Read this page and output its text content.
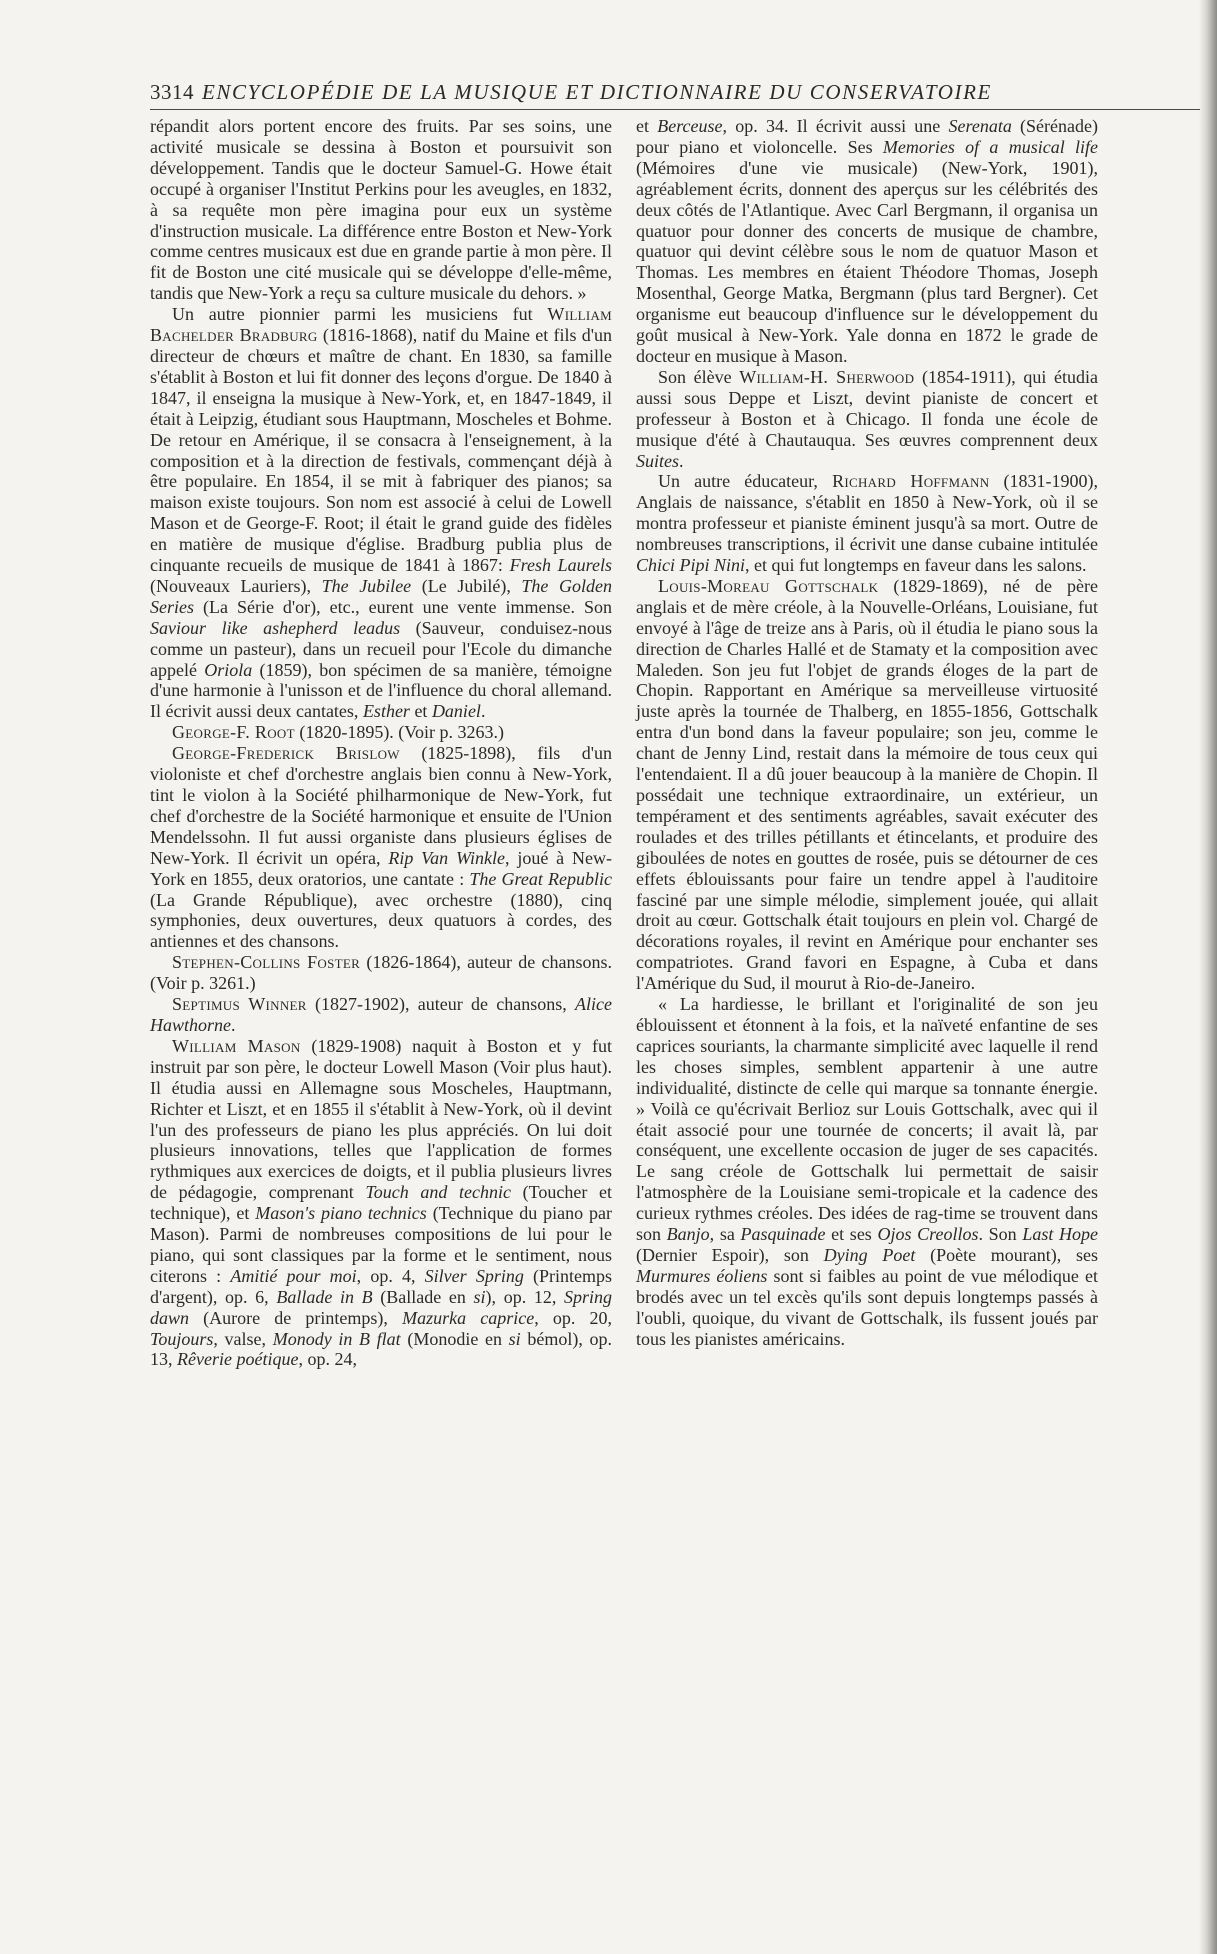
3314 ENCYCLOPÉDIE DE LA MUSIQUE ET DICTIONNAIRE DU CONSERVATOIRE

répandit alors portent encore des fruits. Par ses soins, une activité musicale se dessina à Boston et poursuivit son développement. Tandis que le docteur Samuel-G. Howe était occupé à organiser l'Institut Perkins pour les aveugles, en 1832, à sa requête mon père imagina pour eux un système d'instruction musicale. La différence entre Boston et New-York comme centres musicaux est due en grande partie à mon père. Il fit de Boston une cité musicale qui se développe d'elle-même, tandis que New-York a reçu sa culture musicale du dehors. »

Un autre pionnier parmi les musiciens fut William Bachelder Bradburg (1816-1868), natif du Maine et fils d'un directeur de chœurs et maître de chant. En 1830, sa famille s'établit à Boston et lui fit donner des leçons d'orgue. De 1840 à 1847, il enseigna la musique à New-York, et, en 1847-1849, il était à Leipzig, étudiant sous Hauptmann, Moscheles et Bohme. De retour en Amérique, il se consacra à l'enseignement, à la composition et à la direction de festivals, commençant déjà à être populaire. En 1854, il se mit à fabriquer des pianos; sa maison existe toujours. Son nom est associé à celui de Lowell Mason et de George-F. Root; il était le grand guide des fidèles en matière de musique d'église. Bradburg publia plus de cinquante recueils de musique de 1841 à 1867: Fresh Laurels (Nouveaux Lauriers), The Jubilee (Le Jubilé), The Golden Series (La Série d'or), etc., eurent une vente immense. Son Saviour like ashepherd leadus (Sauveur, conduisez-nous comme un pasteur), dans un recueil pour l'Ecole du dimanche appelé Oriola (1859), bon spécimen de sa manière, témoigne d'une harmonie à l'unisson et de l'influence du choral allemand. Il écrivit aussi deux cantates, Esther et Daniel.

George-F. Root (1820-1895). (Voir p. 3263.)

George-Frederick Brislow (1825-1898), fils d'un violoniste et chef d'orchestre anglais bien connu à New-York, tint le violon à la Société philharmonique de New-York, fut chef d'orchestre de la Société harmonique et ensuite de l'Union Mendelssohn. Il fut aussi organiste dans plusieurs églises de New-York. Il écrivit un opéra, Rip Van Winkle, joué à New-York en 1855, deux oratorios, une cantate : The Great Republic (La Grande République), avec orchestre (1880), cinq symphonies, deux ouvertures, deux quatuors à cordes, des antiennes et des chansons.

Stephen-Collins Foster (1826-1864), auteur de chansons. (Voir p. 3261.)

Septimus Winner (1827-1902), auteur de chansons, Alice Hawthorne.

William Mason (1829-1908) naquit à Boston et y fut instruit par son père, le docteur Lowell Mason (Voir plus haut). Il étudia aussi en Allemagne sous Moscheles, Hauptmann, Richter et Liszt, et en 1855 il s'établit à New-York, où il devint l'un des professeurs de piano les plus appréciés. On lui doit plusieurs innovations, telles que l'application de formes rythmiques aux exercices de doigts, et il publia plusieurs livres de pédagogie, comprenant Touch and technic (Toucher et technique), et Mason's piano technics (Technique du piano par Mason). Parmi de nombreuses compositions de lui pour le piano, qui sont classiques par la forme et le sentiment, nous citerons : Amitié pour moi, op. 4, Silver Spring (Printemps d'argent), op. 6, Ballade in B (Ballade en si), op. 12, Spring dawn (Aurore de printemps), Mazurka caprice, op. 20, Toujours, valse, Monody in B flat (Monodie en si bémol), op. 13, Rêverie poétique, op. 24,

et Berceuse, op. 34. Il écrivit aussi une Serenata (Sérénade) pour piano et violoncelle. Ses Memories of a musical life (Mémoires d'une vie musicale) (New-York, 1901), agréablement écrits, donnent des aperçus sur les célébrités des deux côtés de l'Atlantique. Avec Carl Bergmann, il organisa un quatuor pour donner des concerts de musique de chambre, quatuor qui devint célèbre sous le nom de quatuor Mason et Thomas. Les membres en étaient Théodore Thomas, Joseph Mosenthal, George Matka, Bergmann (plus tard Bergner). Cet organisme eut beaucoup d'influence sur le développement du goût musical à New-York. Yale donna en 1872 le grade de docteur en musique à Mason.

Son élève William-H. Sherwood (1854-1911), qui étudia aussi sous Deppe et Liszt, devint pianiste de concert et professeur à Boston et à Chicago. Il fonda une école de musique d'été à Chautauqua. Ses œuvres comprennent deux Suites.

Un autre éducateur, Richard Hoffmann (1831-1900), Anglais de naissance, s'établit en 1850 à New-York, où il se montra professeur et pianiste éminent jusqu'à sa mort. Outre de nombreuses transcriptions, il écrivit une danse cubaine intitulée Chici Pipi Nini, et qui fut longtemps en faveur dans les salons.

Louis-Moreau Gottschalk (1829-1869), né de père anglais et de mère créole, à la Nouvelle-Orléans, Louisiane, fut envoyé à l'âge de treize ans à Paris, où il étudia le piano sous la direction de Charles Hallé et de Stamaty et la composition avec Maleden. Son jeu fut l'objet de grands éloges de la part de Chopin. Rapportant en Amérique sa merveilleuse virtuosité juste après la tournée de Thalberg, en 1855-1856, Gottschalk entra d'un bond dans la faveur populaire; son jeu, comme le chant de Jenny Lind, restait dans la mémoire de tous ceux qui l'entendaient. Il a dû jouer beaucoup à la manière de Chopin. Il possédait une technique extraordinaire, un extérieur, un tempérament et des sentiments agréables, savait exécuter des roulades et des trilles pétillants et étincelants, et produire des giboulées de notes en gouttes de rosée, puis se détourner de ces effets éblouissants pour faire un tendre appel à l'auditoire fasciné par une simple mélodie, simplement jouée, qui allait droit au cœur. Gottschalk était toujours en plein vol. Chargé de décorations royales, il revint en Amérique pour enchanter ses compatriotes. Grand favori en Espagne, à Cuba et dans l'Amérique du Sud, il mourut à Rio-de-Janeiro.

« La hardiesse, le brillant et l'originalité de son jeu éblouissent et étonnent à la fois, et la naïveté enfantine de ses caprices souriants, la charmante simplicité avec laquelle il rend les choses simples, semblent appartenir à une autre individualité, distincte de celle qui marque sa tonnante énergie. » Voilà ce qu'écrivait Berlioz sur Louis Gottschalk, avec qui il était associé pour une tournée de concerts; il avait là, par conséquent, une excellente occasion de juger de ses capacités. Le sang créole de Gottschalk lui permettait de saisir l'atmosphère de la Louisiane semi-tropicale et la cadence des curieux rythmes créoles. Des idées de rag-time se trouvent dans son Banjo, sa Pasquinade et ses Ojos Creollos. Son Last Hope (Dernier Espoir), son Dying Poet (Poète mourant), ses Murmures éoliens sont si faibles au point de vue mélodique et brodés avec un tel excès qu'ils sont depuis longtemps passés à l'oubli, quoique, du vivant de Gottschalk, ils fussent joués par tous les pianistes américains.
